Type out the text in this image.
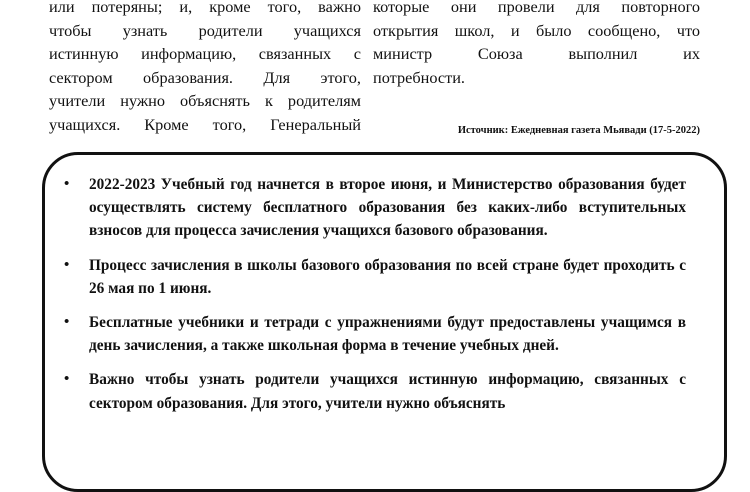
или потеряны; и, кроме того, важно
чтобы узнать родители учащихся
истинную информацию, связанных с
сектором образования. Для этого,
учители нужно объяснять к родителям
учащихся. Кроме того, Генеральный
которые они провели для повторного
открытия школ, и было сообщено, что
министр Союза выполнил их
потребности.
Источник: Ежедневная газета Мьявади (17-5-2022)
• 2022-2023 Учебный год начнется в второе июня, и Министерство образования будет осуществлять систему бесплатного образования без каких-либо вступительных взносов для процесса зачисления учащихся базового образования.
• Процесс зачисления в школы базового образования по всей стране будет проходить с 26 мая по 1 июня.
• Бесплатные учебники и тетради с упражнениями будут предоставлены учащимся в день зачисления, а также школьная форма в течение учебных дней.
• Важно чтобы узнать родители учащихся истинную информацию, связанных с сектором образования. Для этого, учители нужно объяснять
